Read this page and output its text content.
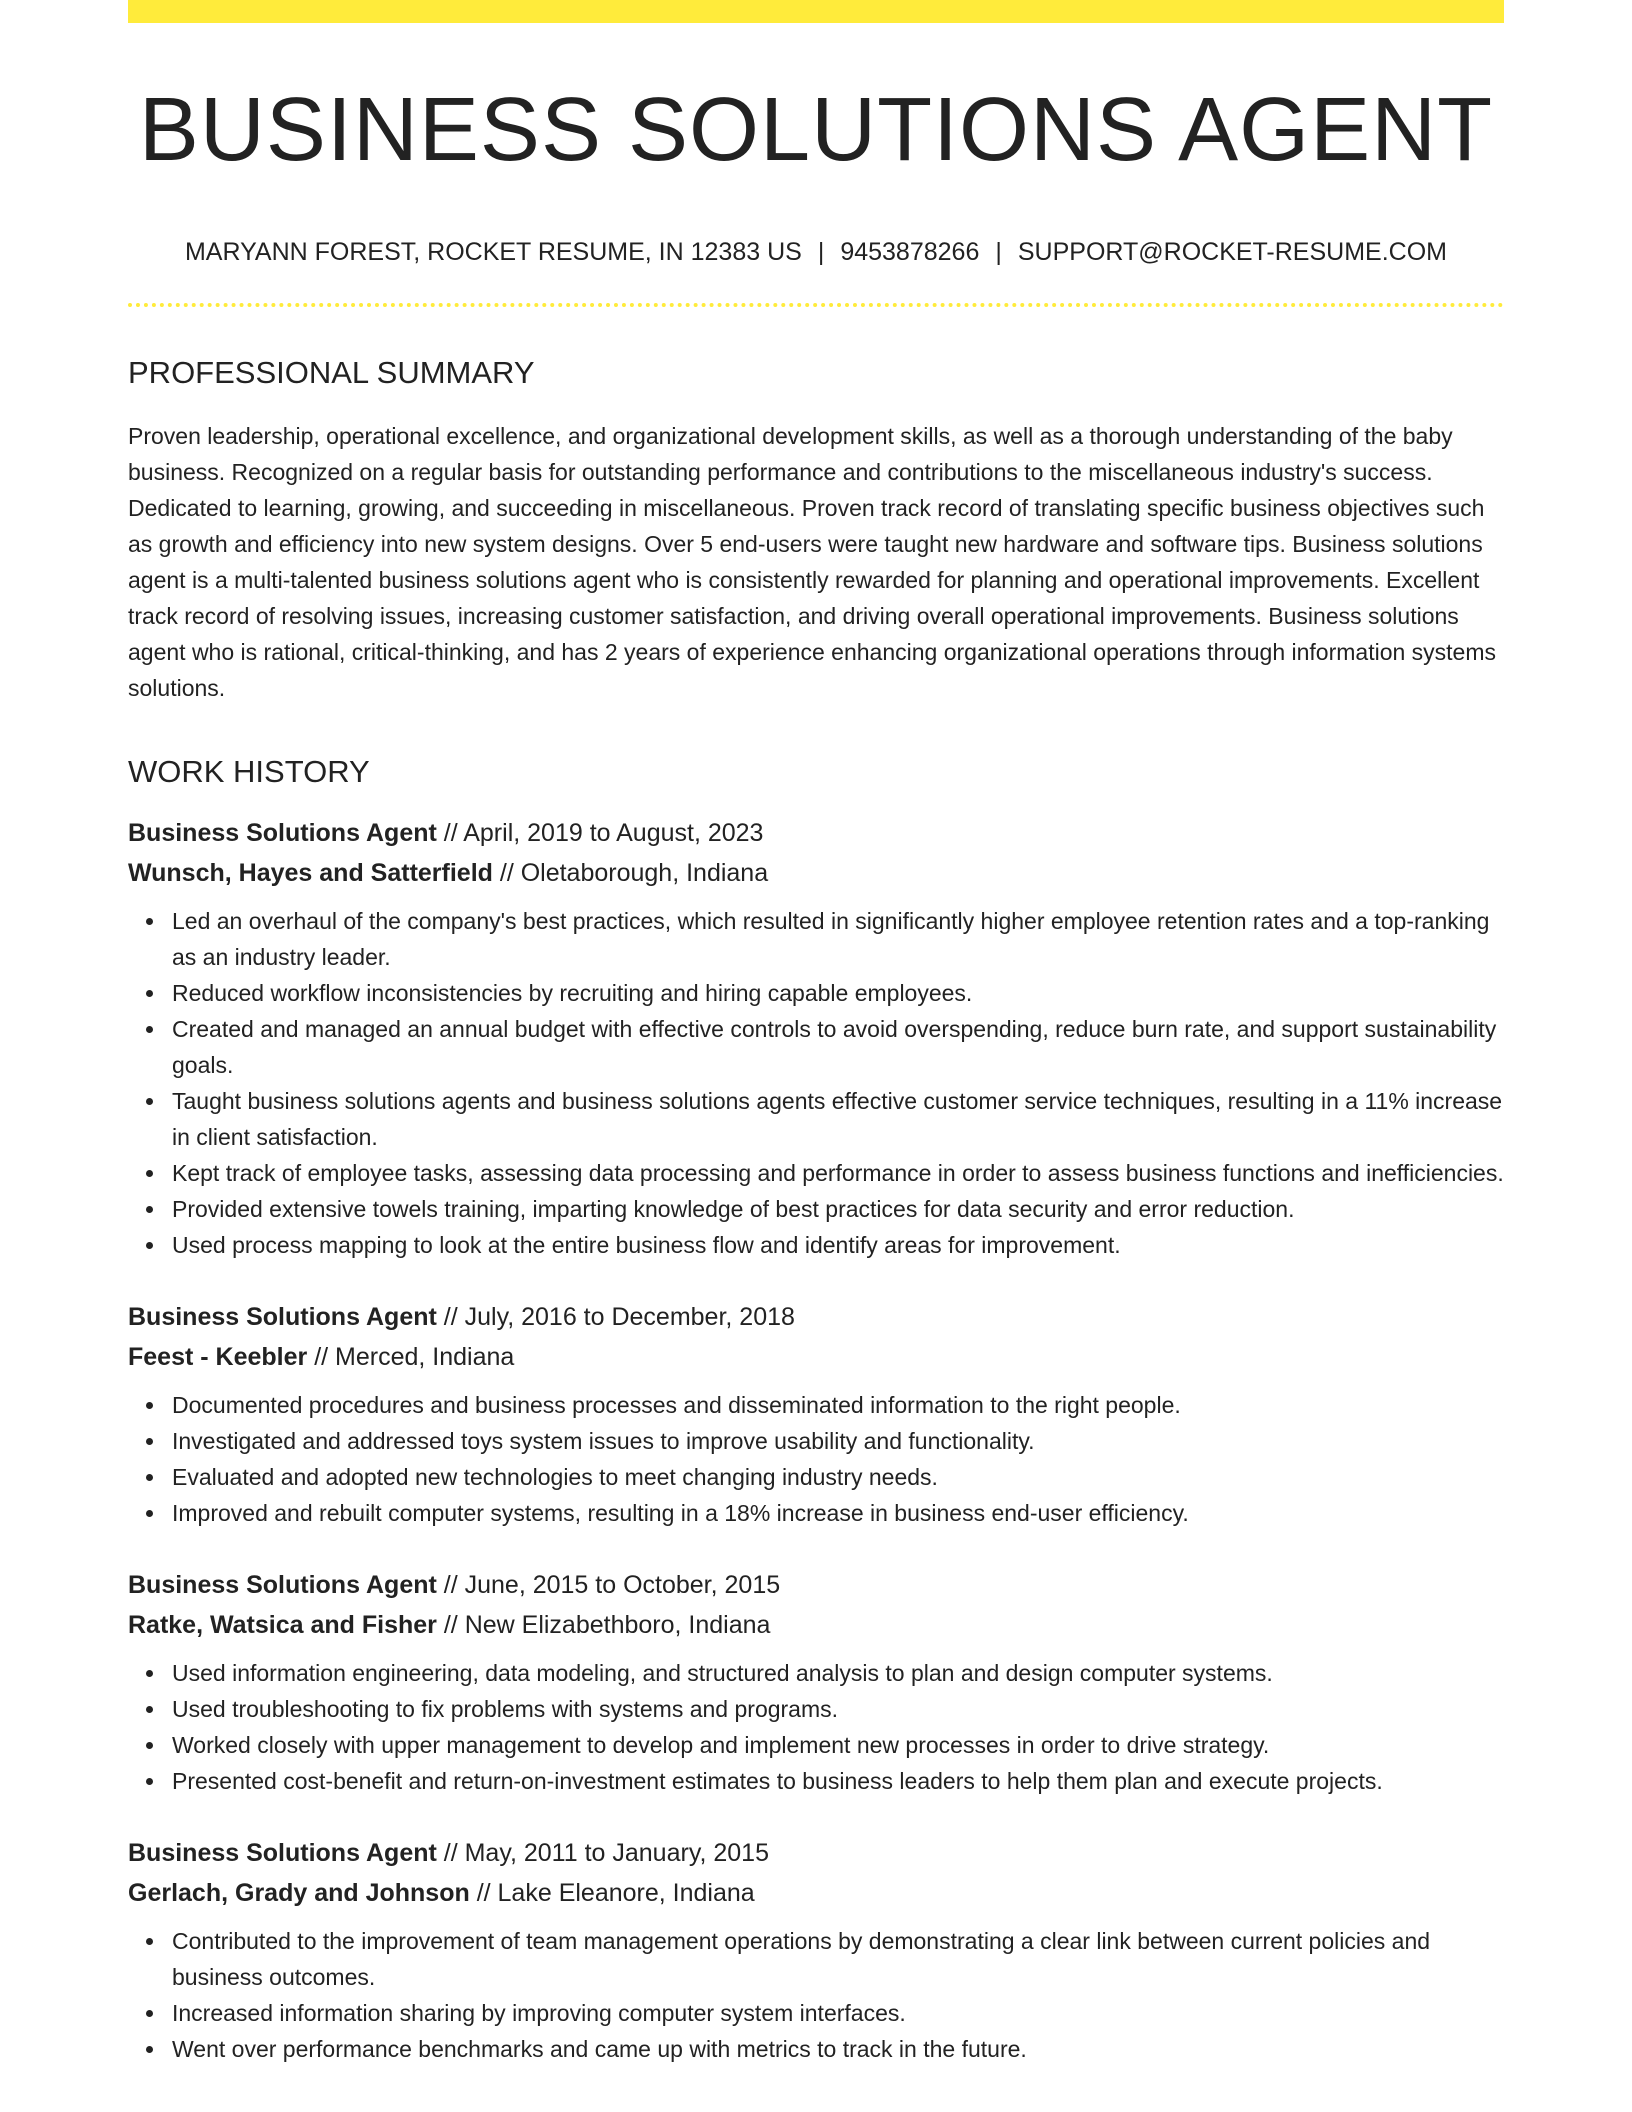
BUSINESS SOLUTIONS AGENT
MARYANN FOREST, ROCKET RESUME, IN 12383 US | 9453878266 | SUPPORT@ROCKET-RESUME.COM
PROFESSIONAL SUMMARY

Proven leadership, operational excellence, and organizational development skills, as well as a thorough understanding of the baby business. Recognized on a regular basis for outstanding performance and contributions to the miscellaneous industry's success. Dedicated to learning, growing, and succeeding in miscellaneous. Proven track record of translating specific business objectives such as growth and efficiency into new system designs. Over 5 end-users were taught new hardware and software tips. Business solutions agent is a multi-talented business solutions agent who is consistently rewarded for planning and operational improvements. Excellent track record of resolving issues, increasing customer satisfaction, and driving overall operational improvements. Business solutions agent who is rational, critical-thinking, and has 2 years of experience enhancing organizational operations through information systems solutions.

WORK HISTORY
Business Solutions Agent // April, 2019 to August, 2023
Wunsch, Hayes and Satterfield // Oletaborough, Indiana
Led an overhaul of the company's best practices, which resulted in significantly higher employee retention rates and a top-ranking as an industry leader.
Reduced workflow inconsistencies by recruiting and hiring capable employees.
Created and managed an annual budget with effective controls to avoid overspending, reduce burn rate, and support sustainability goals.
Taught business solutions agents and business solutions agents effective customer service techniques, resulting in a 11% increase in client satisfaction.
Kept track of employee tasks, assessing data processing and performance in order to assess business functions and inefficiencies.
Provided extensive towels training, imparting knowledge of best practices for data security and error reduction.
Used process mapping to look at the entire business flow and identify areas for improvement.
Business Solutions Agent // July, 2016 to December, 2018
Feest - Keebler // Merced, Indiana
Documented procedures and business processes and disseminated information to the right people.
Investigated and addressed toys system issues to improve usability and functionality.
Evaluated and adopted new technologies to meet changing industry needs.
Improved and rebuilt computer systems, resulting in a 18% increase in business end-user efficiency.
Business Solutions Agent // June, 2015 to October, 2015
Ratke, Watsica and Fisher // New Elizabethboro, Indiana
Used information engineering, data modeling, and structured analysis to plan and design computer systems.
Used troubleshooting to fix problems with systems and programs.
Worked closely with upper management to develop and implement new processes in order to drive strategy.
Presented cost-benefit and return-on-investment estimates to business leaders to help them plan and execute projects.
Business Solutions Agent // May, 2011 to January, 2015
Gerlach, Grady and Johnson // Lake Eleanore, Indiana
Contributed to the improvement of team management operations by demonstrating a clear link between current policies and business outcomes.
Increased information sharing by improving computer system interfaces.
Went over performance benchmarks and came up with metrics to track in the future.
